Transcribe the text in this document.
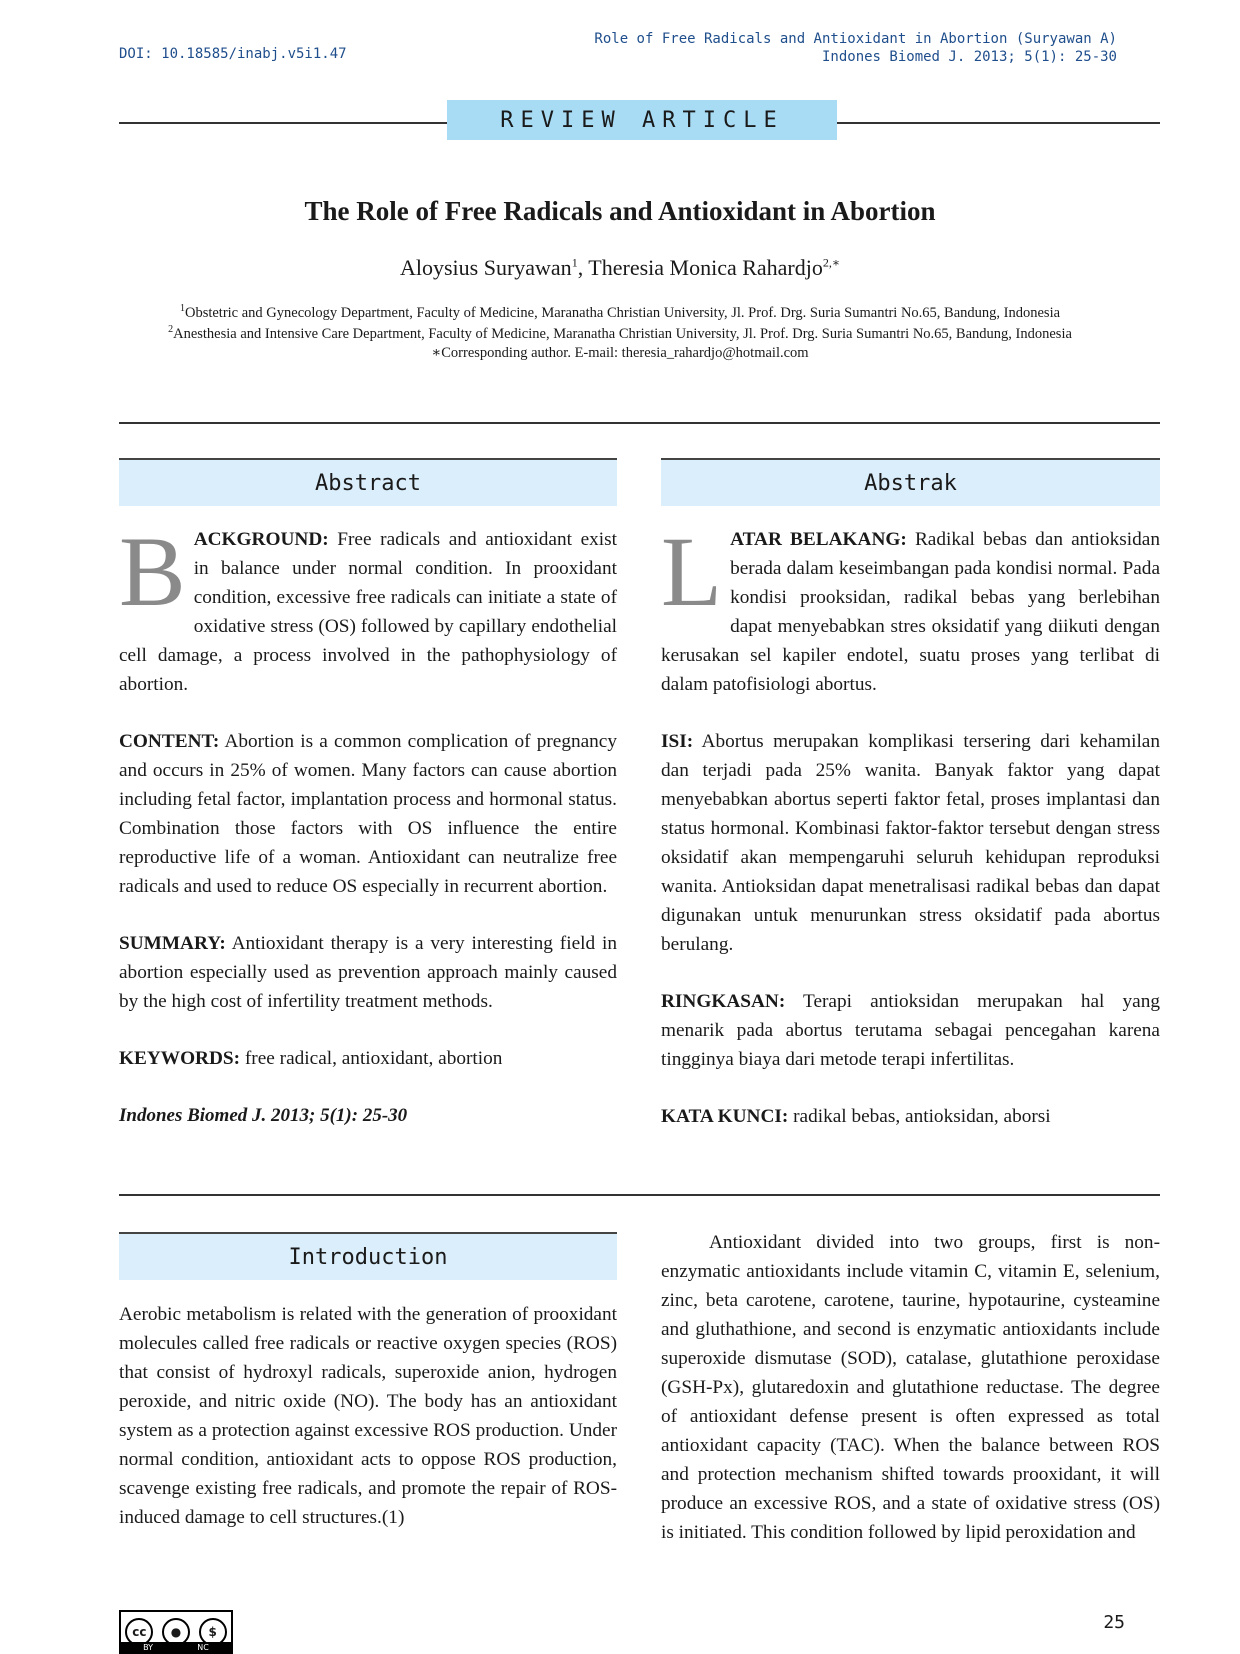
DOI: 10.18585/inabj.v5i1.47
Role of Free Radicals and Antioxidant in Abortion (Suryawan A)
Indones Biomed J. 2013; 5(1): 25-30
REVIEW ARTICLE
The Role of Free Radicals and Antioxidant in Abortion
Aloysius Suryawan$^1$, Theresia Monica Rahardjo$^{2,∗}$
$^1$Obstetric and Gynecology Department, Faculty of Medicine, Maranatha Christian University, Jl. Prof. Drg. Suria Sumantri No.65, Bandung, Indonesia
$^2$Anesthesia and Intensive Care Department, Faculty of Medicine, Maranatha Christian University, Jl. Prof. Drg. Suria Sumantri No.65, Bandung, Indonesia
∗Corresponding author. E-mail: theresia_rahardjo@hotmail.com
Abstract

BACKGROUND: Free radicals and antioxidant exist in balance under normal condition. In prooxidant condition, excessive free radicals can initiate a state of oxidative stress (OS) followed by capillary endothelial cell damage, a process involved in the pathophysiology of abortion.

CONTENT: Abortion is a common complication of pregnancy and occurs in 25% of women. Many factors can cause abortion including fetal factor, implantation process and hormonal status. Combination those factors with OS influence the entire reproductive life of a woman. Antioxidant can neutralize free radicals and used to reduce OS especially in recurrent abortion.

SUMMARY: Antioxidant therapy is a very interesting field in abortion especially used as prevention approach mainly caused by the high cost of infertility treatment methods.

KEYWORDS: free radical, antioxidant, abortion

Indones Biomed J. 2013; 5(1): 25-30

Abstrak

LATAR BELAKANG: Radikal bebas dan antioksidan berada dalam keseimbangan pada kondisi normal. Pada kondisi prooksidan, radikal bebas yang berlebihan dapat menyebabkan stres oksidatif yang diikuti dengan kerusakan sel kapiler endotel, suatu proses yang terlibat di dalam patofisiologi abortus.

ISI: Abortus merupakan komplikasi tersering dari kehamilan dan terjadi pada 25% wanita. Banyak faktor yang dapat menyebabkan abortus seperti faktor fetal, proses implantasi dan status hormonal. Kombinasi faktor-faktor tersebut dengan stress oksidatif akan mempengaruhi seluruh kehidupan reproduksi wanita. Antioksidan dapat menetralisasi radikal bebas dan dapat digunakan untuk menurunkan stress oksidatif pada abortus berulang.

RINGKASAN: Terapi antioksidan merupakan hal yang menarik pada abortus terutama sebagai pencegahan karena tingginya biaya dari metode terapi infertilitas.

KATA KUNCI: radikal bebas, antioksidan, aborsi

Introduction

Aerobic metabolism is related with the generation of prooxidant molecules called free radicals or reactive oxygen species (ROS) that consist of hydroxyl radicals, superoxide anion, hydrogen peroxide, and nitric oxide (NO). The body has an antioxidant system as a protection against excessive ROS production. Under normal condition, antioxidant acts to oppose ROS production, scavenge existing free radicals, and promote the repair of ROS-induced damage to cell structures.(1)

Antioxidant divided into two groups, first is non-enzymatic antioxidants include vitamin C, vitamin E, selenium, zinc, beta carotene, carotene, taurine, hypotaurine, cysteamine and gluthathione, and second is enzymatic antioxidants include superoxide dismutase (SOD), catalase, glutathione peroxidase (GSH-Px), glutaredoxin and glutathione reductase. The degree of antioxidant defense present is often expressed as total antioxidant capacity (TAC). When the balance between ROS and protection mechanism shifted towards prooxidant, it will produce an excessive ROS, and a state of oxidative stress (OS) is initiated. This condition followed by lipid peroxidation and

cc	●	$
BY	NC
25
